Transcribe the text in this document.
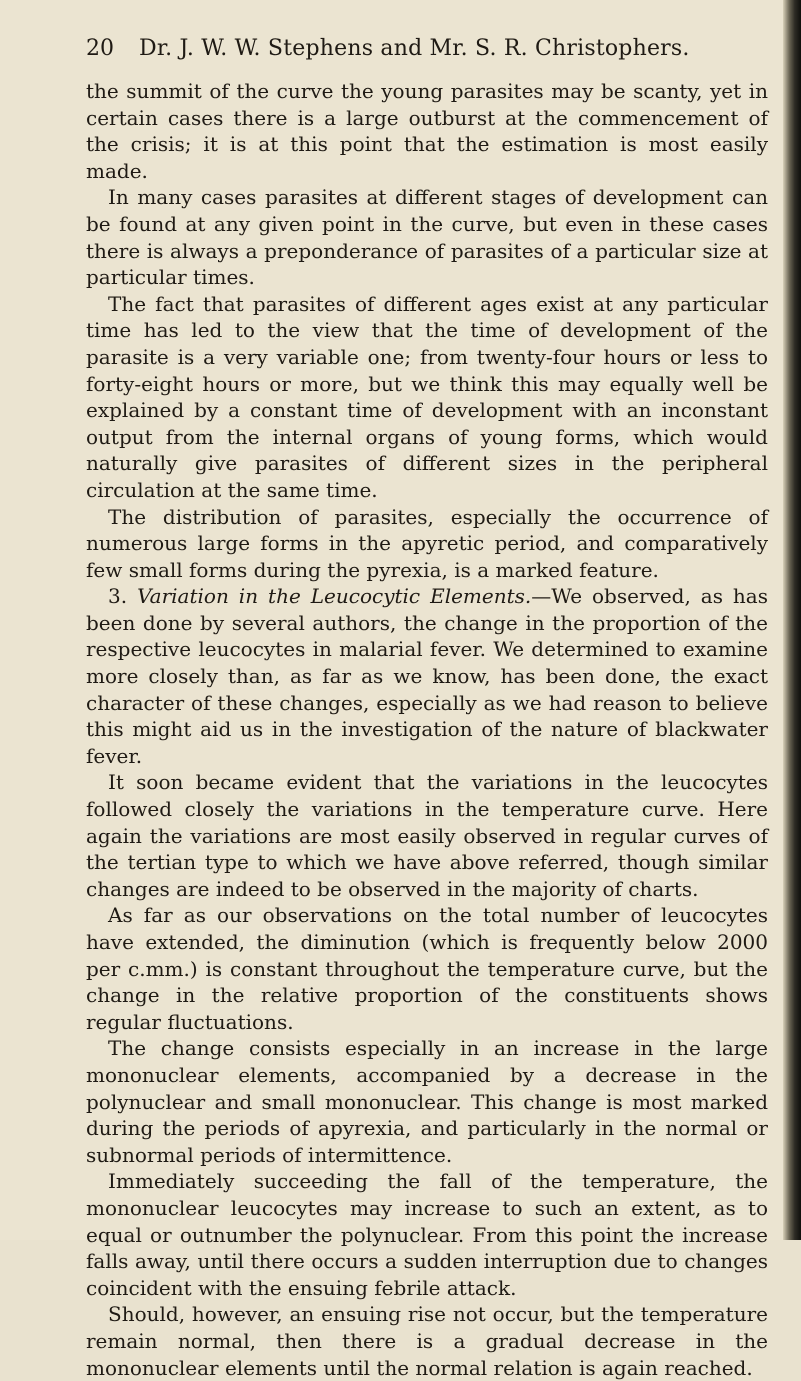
20 Dr. J. W. W. Stephens and Mr. S. R. Christophers.

the summit of the curve the young parasites may be scanty, yet in certain cases there is a large outburst at the commencement of the crisis; it is at this point that the estimation is most easily made.

In many cases parasites at different stages of development can be found at any given point in the curve, but even in these cases there is always a preponderance of parasites of a particular size at particular times.

The fact that parasites of different ages exist at any particular time has led to the view that the time of development of the parasite is a very variable one; from twenty-four hours or less to forty-eight hours or more, but we think this may equally well be explained by a constant time of development with an inconstant output from the internal organs of young forms, which would naturally give parasites of different sizes in the peripheral circulation at the same time.

The distribution of parasites, especially the occurrence of numerous large forms in the apyretic period, and comparatively few small forms during the pyrexia, is a marked feature.

3. Variation in the Leucocytic Elements.—We observed, as has been done by several authors, the change in the proportion of the respective leucocytes in malarial fever. We determined to examine more closely than, as far as we know, has been done, the exact character of these changes, especially as we had reason to believe this might aid us in the investigation of the nature of blackwater fever.

It soon became evident that the variations in the leucocytes followed closely the variations in the temperature curve. Here again the variations are most easily observed in regular curves of the tertian type to which we have above referred, though similar changes are indeed to be observed in the majority of charts.

As far as our observations on the total number of leucocytes have extended, the diminution (which is frequently below 2000 per c.mm.) is constant throughout the temperature curve, but the change in the relative proportion of the constituents shows regular fluctuations.

The change consists especially in an increase in the large mononuclear elements, accompanied by a decrease in the polynuclear and small mononuclear. This change is most marked during the periods of apyrexia, and particularly in the normal or subnormal periods of intermittence.

Immediately succeeding the fall of the temperature, the mononuclear leucocytes may increase to such an extent, as to equal or outnumber the polynuclear. From this point the increase falls away, until there occurs a sudden interruption due to changes coincident with the ensuing febrile attack.

Should, however, an ensuing rise not occur, but the temperature remain normal, then there is a gradual decrease in the mononuclear elements until the normal relation is again reached.
